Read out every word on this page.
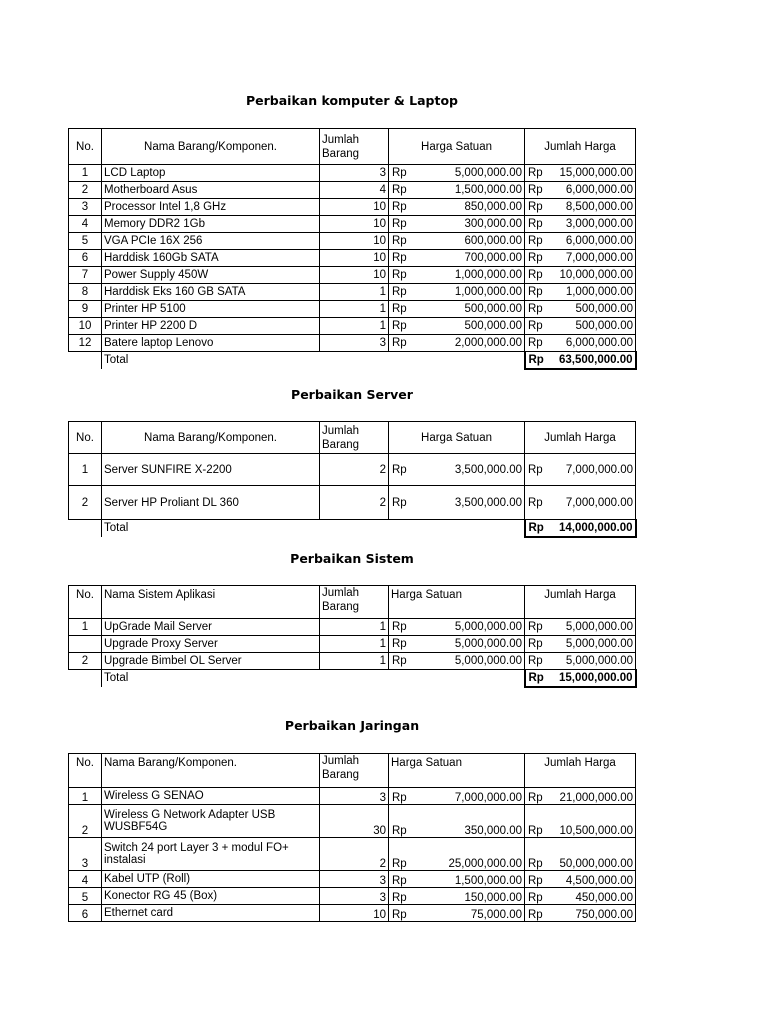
Perbaikan komputer & Laptop
No.	Nama Barang/Komponen.	Jumlah Barang	Harga Satuan		Jumlah Harga	
1	LCD Laptop	3	Rp	5,000,000.00	Rp	15,000,000.00
2	Motherboard Asus	4	Rp	1,500,000.00	Rp	6,000,000.00
3	Processor Intel 1,8 GHz	10	Rp	850,000.00	Rp	8,500,000.00
4	Memory DDR2 1Gb	10	Rp	300,000.00	Rp	3,000,000.00
5	VGA PCIe 16X 256	10	Rp	600,000.00	Rp	6,000,000.00
6	Harddisk 160Gb SATA	10	Rp	700,000.00	Rp	7,000,000.00
7	Power Supply 450W	10	Rp	1,000,000.00	Rp	10,000,000.00
8	Harddisk Eks 160 GB SATA	1	Rp	1,000,000.00	Rp	1,000,000.00
9	Printer HP 5100	1	Rp	500,000.00	Rp	500,000.00
10	Printer HP 2200 D	1	Rp	500,000.00	Rp	500,000.00
12	Batere laptop Lenovo	3	Rp	2,000,000.00	Rp	6,000,000.00
	Total				Rp	63,500,000.00
Perbaikan Server
No.	Nama Barang/Komponen.	Jumlah Barang	Harga Satuan		Jumlah Harga	
1	Server SUNFIRE X-2200	2	Rp	3,500,000.00	Rp	7,000,000.00
2	Server HP Proliant DL 360	2	Rp	3,500,000.00	Rp	7,000,000.00
	Total				Rp	14,000,000.00
Perbaikan Sistem
No.	Nama Sistem Aplikasi	Jumlah Barang	Harga Satuan		Jumlah Harga	
1	UpGrade Mail Server	1	Rp	5,000,000.00	Rp	5,000,000.00
	Upgrade Proxy Server	1	Rp	5,000,000.00	Rp	5,000,000.00
2	Upgrade Bimbel OL Server	1	Rp	5,000,000.00	Rp	5,000,000.00
	Total				Rp	15,000,000.00
Perbaikan Jaringan
No.	Nama Barang/Komponen.	Jumlah Barang	Harga Satuan		Jumlah Harga	
1	Wireless G SENAO	3	Rp	7,000,000.00	Rp	21,000,000.00
2	Wireless G Network Adapter USB WUSBF54G	30	Rp	350,000.00	Rp	10,500,000.00
3	Switch 24 port Layer 3 + modul FO+ instalasi	2	Rp	25,000,000.00	Rp	50,000,000.00
4	Kabel UTP (Roll)	3	Rp	1,500,000.00	Rp	4,500,000.00
5	Konector RG 45 (Box)	3	Rp	150,000.00	Rp	450,000.00
6	Ethernet card	10	Rp	75,000.00	Rp	750,000.00
